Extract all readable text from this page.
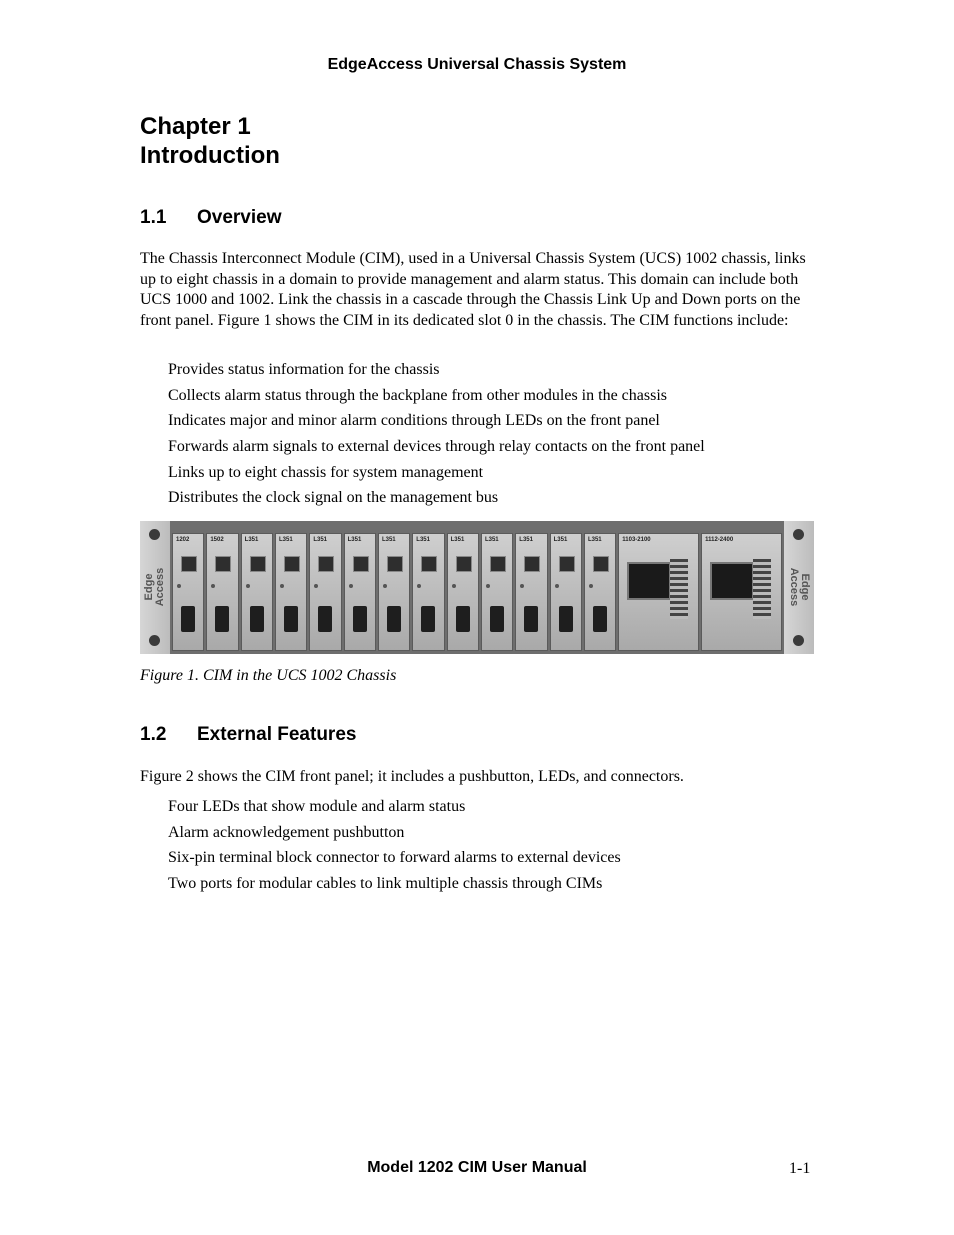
EdgeAccess Universal Chassis System
Chapter 1
Introduction
1.1 Overview
The Chassis Interconnect Module (CIM), used in a Universal Chassis System (UCS) 1002 chassis, links up to eight chassis in a domain to provide management and alarm status. This domain can include both UCS 1000 and 1002. Link the chassis in a cascade through the Chassis Link Up and Down ports on the front panel. Figure 1 shows the CIM in its dedicated slot 0 in the chassis. The CIM functions include:
Provides status information for the chassis
Collects alarm status through the backplane from other modules in the chassis
Indicates major and minor alarm conditions through LEDs on the front panel
Forwards alarm signals to external devices through relay contacts on the front panel
Links up to eight chassis for system management
Distributes the clock signal on the management bus
Edge
Access
1202	1502	L351	L351	L351	L351	L351	L351	L351	L351	L351	L351	L351	1103-2100	1112-2400
Edge
Access
Figure 1. CIM in the UCS 1002 Chassis
1.2 External Features
Figure 2 shows the CIM front panel; it includes a pushbutton, LEDs, and connectors.
Four LEDs that show module and alarm status
Alarm acknowledgement pushbutton
Six-pin terminal block connector to forward alarms to external devices
Two ports for modular cables to link multiple chassis through CIMs
Model 1202 CIM User Manual	1-1
